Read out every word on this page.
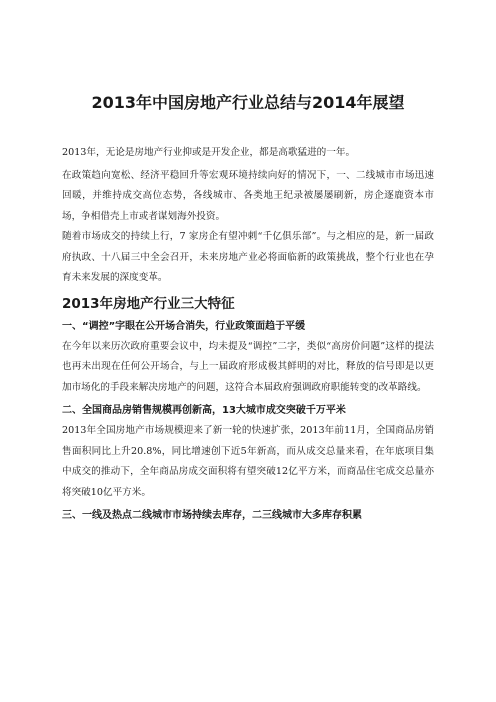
2013年中国房地产行业总结与2014年展望

2013年，无论是房地产行业抑或是开发企业，都是高歌猛进的一年。

在政策趋向宽松、经济平稳回升等宏观环境持续向好的情况下，一、二线城市市场迅速回暖，并维持成交高位态势，各线城市、各类地王纪录被屡屡刷新，房企逐鹿资本市场，争相借壳上市或者谋划海外投资。

随着市场成交的持续上行，7 家房企有望冲刺“千亿俱乐部”。与之相应的是，新一届政府执政、十八届三中全会召开，未来房地产业必将面临新的政策挑战，整个行业也在孕育未来发展的深度变革。

2013年房地产行业三大特征
一、“调控”字眼在公开场合消失，行业政策面趋于平缓

在今年以来历次政府重要会议中，均未提及“调控”二字，类似“高房价问题”这样的提法也再未出现在任何公开场合，与上一届政府形成极其鲜明的对比，释放的信号即是以更加市场化的手段来解决房地产的问题，这符合本届政府强调政府职能转变的改革路线。

二、全国商品房销售规模再创新高，13大城市成交突破千万平米

2013年全国房地产市场规模迎来了新一轮的快速扩张，2013年前11月，全国商品房销售面积同比上升20.8%，同比增速创下近5年新高，而从成交总量来看，在年底项目集中成交的推动下，全年商品房成交面积将有望突破12亿平方米，而商品住宅成交总量亦将突破10亿平方米。

三、一线及热点二线城市市场持续去库存，二三线城市大多库存积累
